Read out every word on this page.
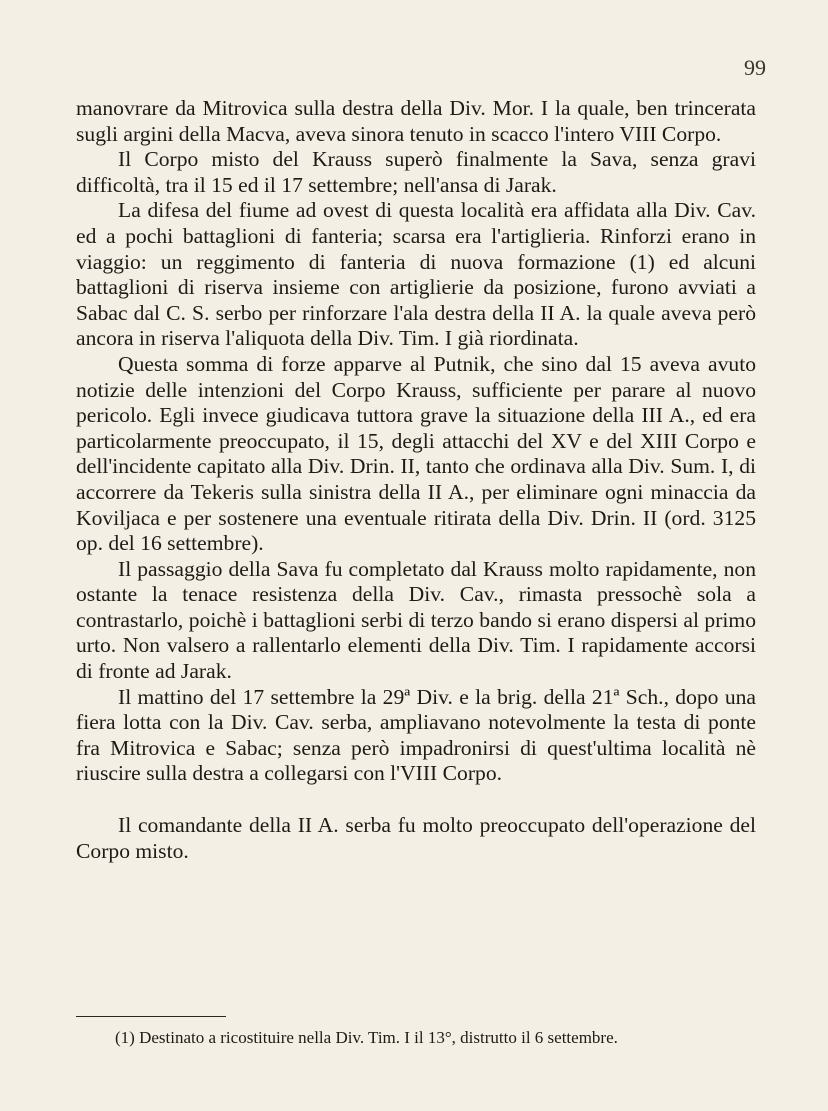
99

manovrare da Mitrovica sulla destra della Div. Mor. I la quale, ben trincerata sugli argini della Macva, aveva sinora tenuto in scacco l'intero VIII Corpo.

Il Corpo misto del Krauss superò finalmente la Sava, senza gravi difficoltà, tra il 15 ed il 17 settembre; nell'ansa di Jarak.

La difesa del fiume ad ovest di questa località era affidata alla Div. Cav. ed a pochi battaglioni di fanteria; scarsa era l'artiglieria. Rinforzi erano in viaggio: un reggimento di fanteria di nuova formazione (1) ed alcuni battaglioni di riserva insieme con artiglierie da posizione, furono avviati a Sabac dal C. S. serbo per rinforzare l'ala destra della II A. la quale aveva però ancora in riserva l'aliquota della Div. Tim. I già riordinata.

Questa somma di forze apparve al Putnik, che sino dal 15 aveva avuto notizie delle intenzioni del Corpo Krauss, sufficiente per parare al nuovo pericolo. Egli invece giudicava tuttora grave la situazione della III A., ed era particolarmente preoccupato, il 15, degli attacchi del XV e del XIII Corpo e dell'incidente capitato alla Div. Drin. II, tanto che ordinava alla Div. Sum. I, di accorrere da Tekeris sulla sinistra della II A., per eliminare ogni minaccia da Koviljaca e per sostenere una eventuale ritirata della Div. Drin. II (ord. 3125 op. del 16 settembre).

Il passaggio della Sava fu completato dal Krauss molto rapidamente, non ostante la tenace resistenza della Div. Cav., rimasta pressochè sola a contrastarlo, poichè i battaglioni serbi di terzo bando si erano dispersi al primo urto. Non valsero a rallentarlo elementi della Div. Tim. I rapidamente accorsi di fronte ad Jarak.

Il mattino del 17 settembre la 29ª Div. e la brig. della 21ª Sch., dopo una fiera lotta con la Div. Cav. serba, ampliavano notevolmente la testa di ponte fra Mitrovica e Sabac; senza però impadronirsi di quest'ultima località nè riuscire sulla destra a collegarsi con l'VIII Corpo.

Il comandante della II A. serba fu molto preoccupato dell'operazione del Corpo misto.

(1) Destinato a ricostituire nella Div. Tim. I il 13°, distrutto il 6 settembre.
